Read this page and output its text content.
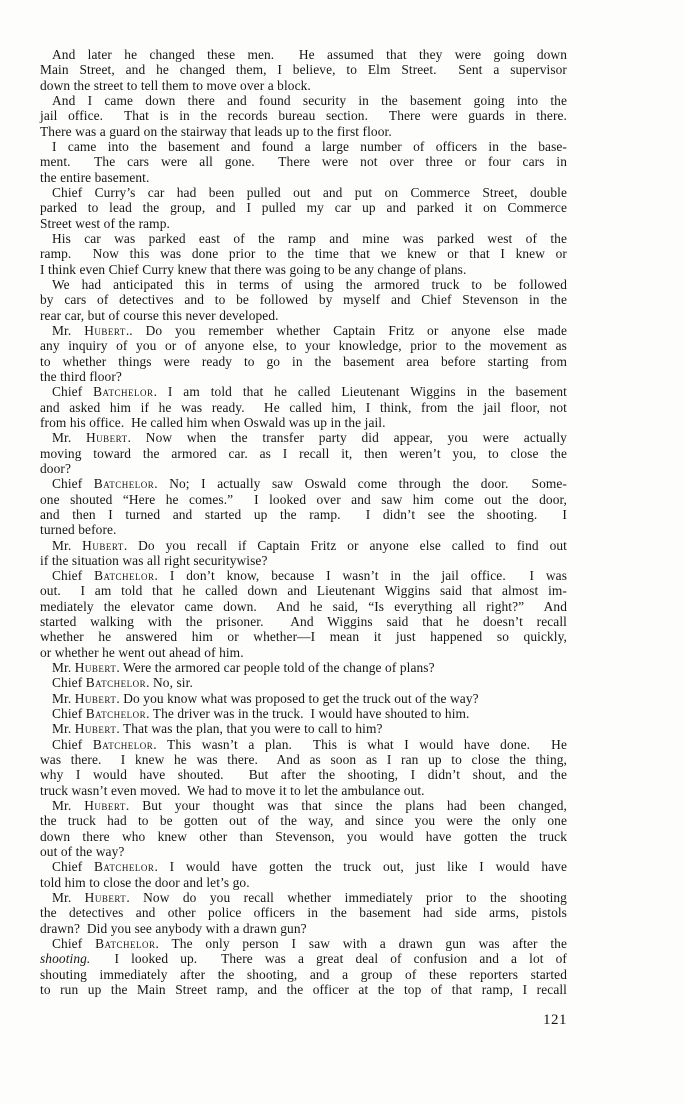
And later he changed these men.  He assumed that they were going down
Main Street, and he changed them, I believe, to Elm Street.  Sent a supervisor
down the street to tell them to move over a block.
And I came down there and found security in the basement going into the
jail office.  That is in the records bureau section.  There were guards in there.
There was a guard on the stairway that leads up to the first floor.
I came into the basement and found a large number of officers in the base-
ment.  The cars were all gone.  There were not over three or four cars in
the entire basement.
Chief Curry’s car had been pulled out and put on Commerce Street, double
parked to lead the group, and I pulled my car up and parked it on Commerce
Street west of the ramp.
His car was parked east of the ramp and mine was parked west of the
ramp.  Now this was done prior to the time that we knew or that I knew or
I think even Chief Curry knew that there was going to be any change of plans.
We had anticipated this in terms of using the armored truck to be followed
by cars of detectives and to be followed by myself and Chief Stevenson in the
rear car, but of course this never developed.
Mr. Hubert.. Do you remember whether Captain Fritz or anyone else made
any inquiry of you or of anyone else, to your knowledge, prior to the movement as
to whether things were ready to go in the basement area before starting from
the third floor?
Chief Batchelor. I am told that he called Lieutenant Wiggins in the basement
and asked him if he was ready.  He called him, I think, from the jail floor, not
from his office.  He called him when Oswald was up in the jail.
Mr. Hubert. Now when the transfer party did appear, you were actually
moving toward the armored car. as I recall it, then weren’t you, to close the
door?
Chief Batchelor. No; I actually saw Oswald come through the door.  Some-
one shouted “Here he comes.”  I looked over and saw him come out the door,
and then I turned and started up the ramp.  I didn’t see the shooting.  I
turned before.
Mr. Hubert. Do you recall if Captain Fritz or anyone else called to find out
if the situation was all right securitywise?
Chief Batchelor. I don’t know, because I wasn’t in the jail office.  I was
out.  I am told that he called down and Lieutenant Wiggins said that almost im-
mediately the elevator came down.  And he said, “Is everything all right?”  And
started walking with the prisoner.  And Wiggins said that he doesn’t recall
whether he answered him or whether—I mean it just happened so quickly,
or whether he went out ahead of him.
Mr. Hubert. Were the armored car people told of the change of plans?
Chief Batchelor. No, sir.
Mr. Hubert. Do you know what was proposed to get the truck out of the way?
Chief Batchelor. The driver was in the truck.  I would have shouted to him.
Mr. Hubert. That was the plan, that you were to call to him?
Chief Batchelor. This wasn’t a plan.  This is what I would have done.  He
was there.  I knew he was there.  And as soon as I ran up to close the thing,
why I would have shouted.  But after the shooting, I didn’t shout, and the
truck wasn’t even moved.  We had to move it to let the ambulance out.
Mr. Hubert. But your thought was that since the plans had been changed,
the truck had to be gotten out of the way, and since you were the only one
down there who knew other than Stevenson, you would have gotten the truck
out of the way?
Chief Batchelor. I would have gotten the truck out, just like I would have
told him to close the door and let’s go.
Mr. Hubert. Now do you recall whether immediately prior to the shooting
the detectives and other police officers in the basement had side arms, pistols
drawn?  Did you see anybody with a drawn gun?
Chief Batchelor. The only person I saw with a drawn gun was after the
shooting.  I looked up.  There was a great deal of confusion and a lot of
shouting immediately after the shooting, and a group of these reporters started
to run up the Main Street ramp, and the officer at the top of that ramp, I recall
121
